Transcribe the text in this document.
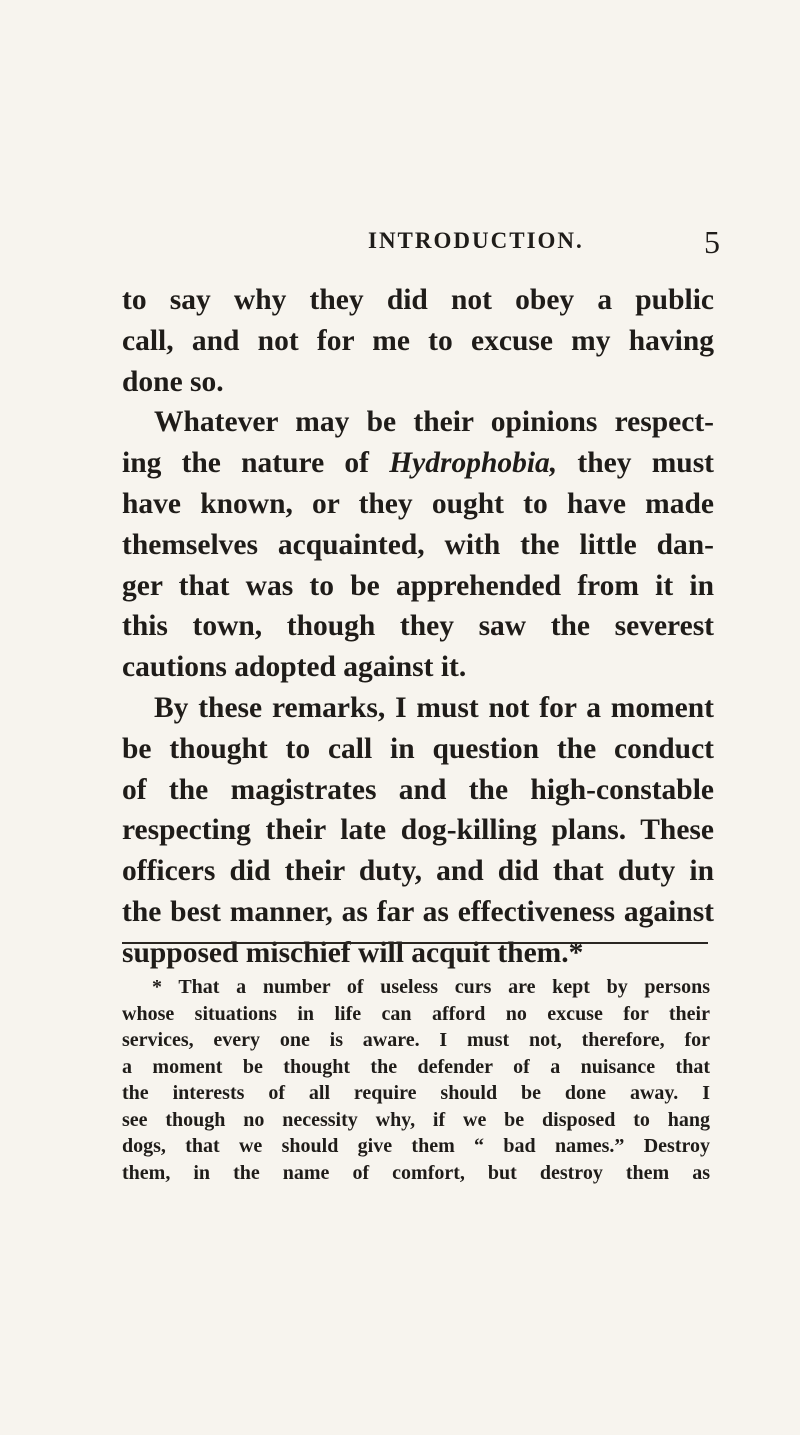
INTRODUCTION.	5
to say why they did not obey a public
call, and not for me to excuse my having
done so.
Whatever may be their opinions respect-
ing the nature of Hydrophobia, they must
have known, or they ought to have made
themselves acquainted, with the little dan-
ger that was to be apprehended from it in
this town, though they saw the severest
cautions adopted against it.
By these remarks, I must not for a moment
be thought to call in question the conduct
of the magistrates and the high-constable
respecting their late dog-killing plans. These
officers did their duty, and did that duty in
the best manner, as far as effectiveness against
supposed mischief will acquit them.*
* That a number of useless curs are kept by persons
whose situations in life can afford no excuse for their
services, every one is aware. I must not, therefore, for
a moment be thought the defender of a nuisance that
the interests of all require should be done away. I
see though no necessity why, if we be disposed to hang
dogs, that we should give them “ bad names.” Destroy
them, in the name of comfort, but destroy them as
